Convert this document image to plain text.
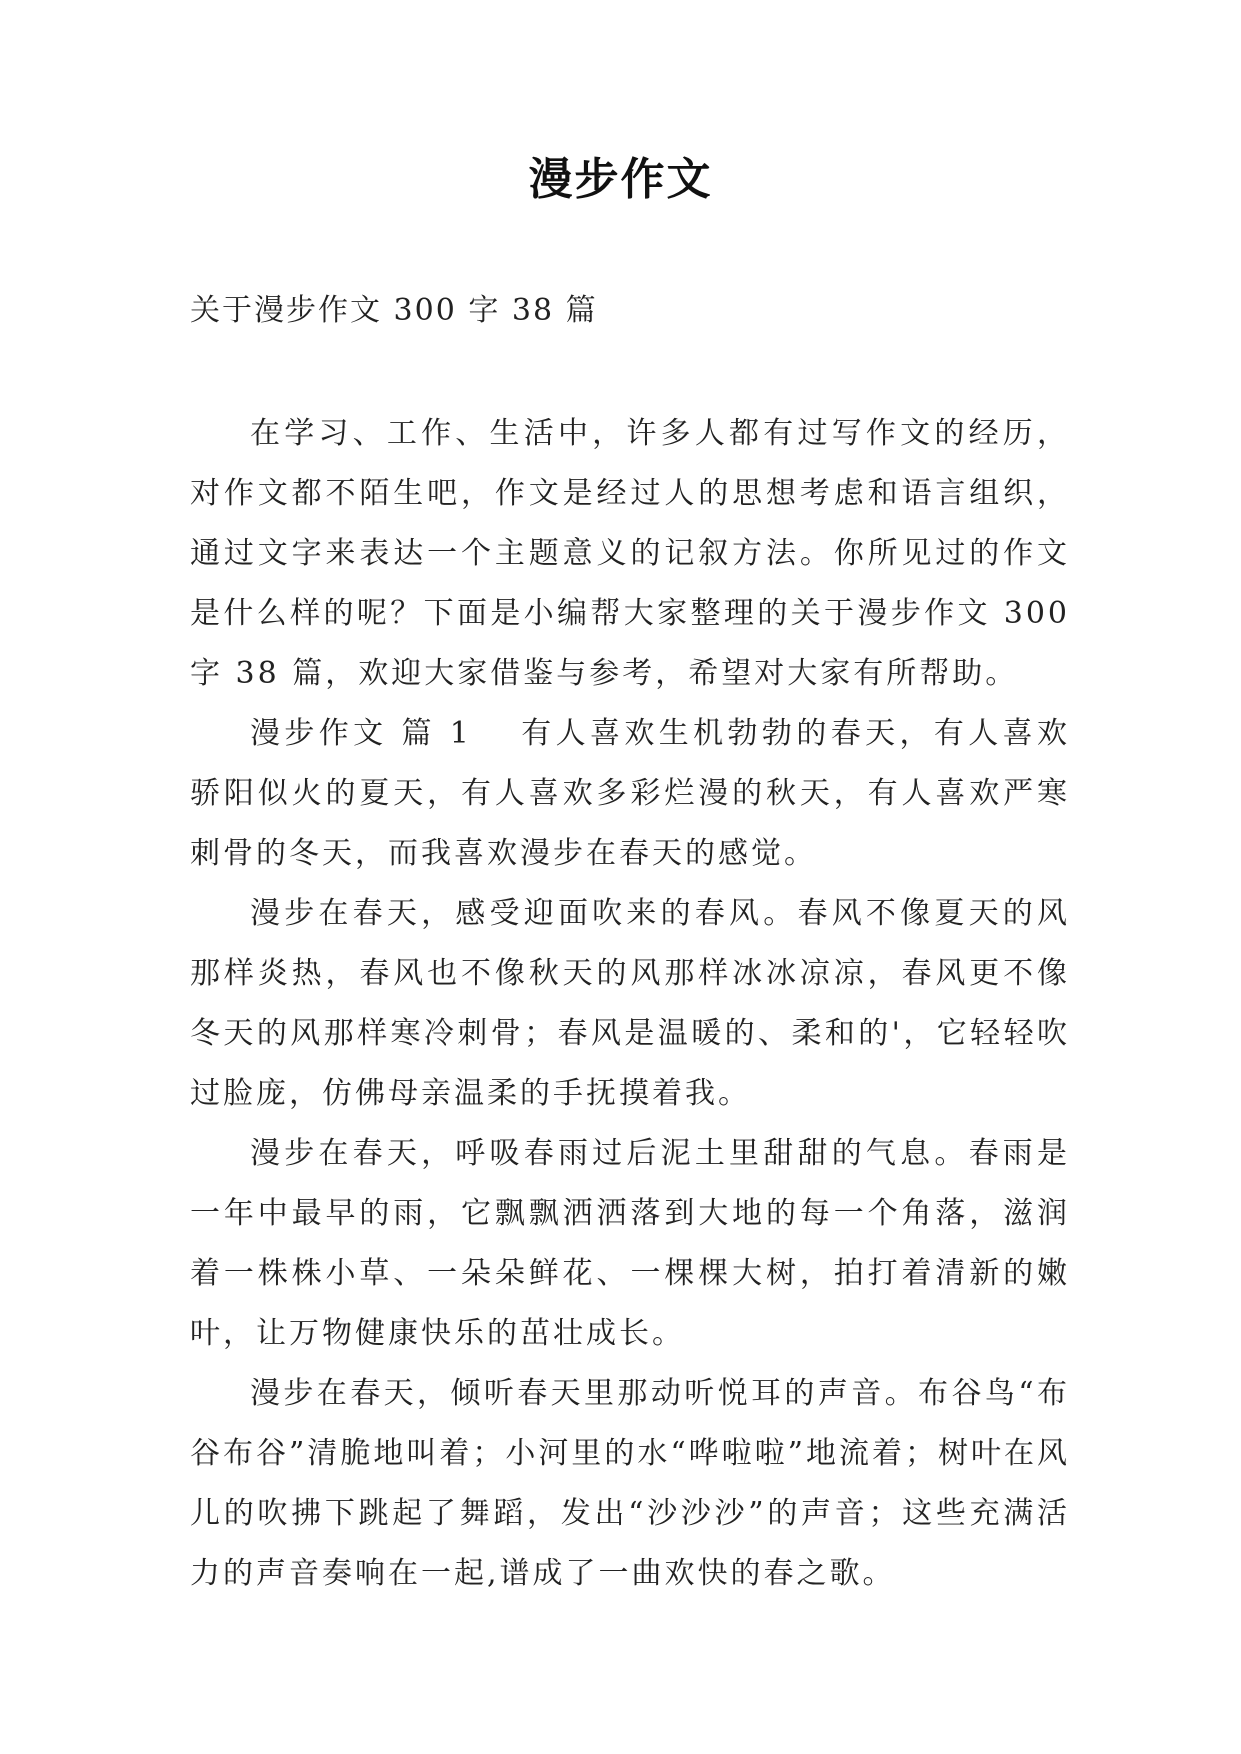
漫步作文
关于漫步作文 300 字 38 篇

在学习、工作、生活中，许多人都有过写作文的经历，对作文都不陌生吧，作文是经过人的思想考虑和语言组织，通过文字来表达一个主题意义的记叙方法。你所见过的作文是什么样的呢？下面是小编帮大家整理的关于漫步作文 300 字 38 篇，欢迎大家借鉴与参考，希望对大家有所帮助。

漫步作文 篇 1 有人喜欢生机勃勃的春天，有人喜欢骄阳似火的夏天，有人喜欢多彩烂漫的秋天，有人喜欢严寒刺骨的冬天，而我喜欢漫步在春天的感觉。

漫步在春天，感受迎面吹来的春风。春风不像夏天的风那样炎热，春风也不像秋天的风那样冰冰凉凉，春风更不像冬天的风那样寒冷刺骨；春风是温暖的、柔和的'，它轻轻吹过脸庞，仿佛母亲温柔的手抚摸着我。

漫步在春天，呼吸春雨过后泥土里甜甜的气息。春雨是一年中最早的雨，它飘飘洒洒落到大地的每一个角落，滋润着一株株小草、一朵朵鲜花、一棵棵大树，拍打着清新的嫩叶，让万物健康快乐的茁壮成长。

漫步在春天，倾听春天里那动听悦耳的声音。布谷鸟“布谷布谷”清脆地叫着；小河里的水“哗啦啦”地流着；树叶在风儿的吹拂下跳起了舞蹈，发出“沙沙沙”的声音；这些充满活力的声音奏响在一起,谱成了一曲欢快的春之歌。
